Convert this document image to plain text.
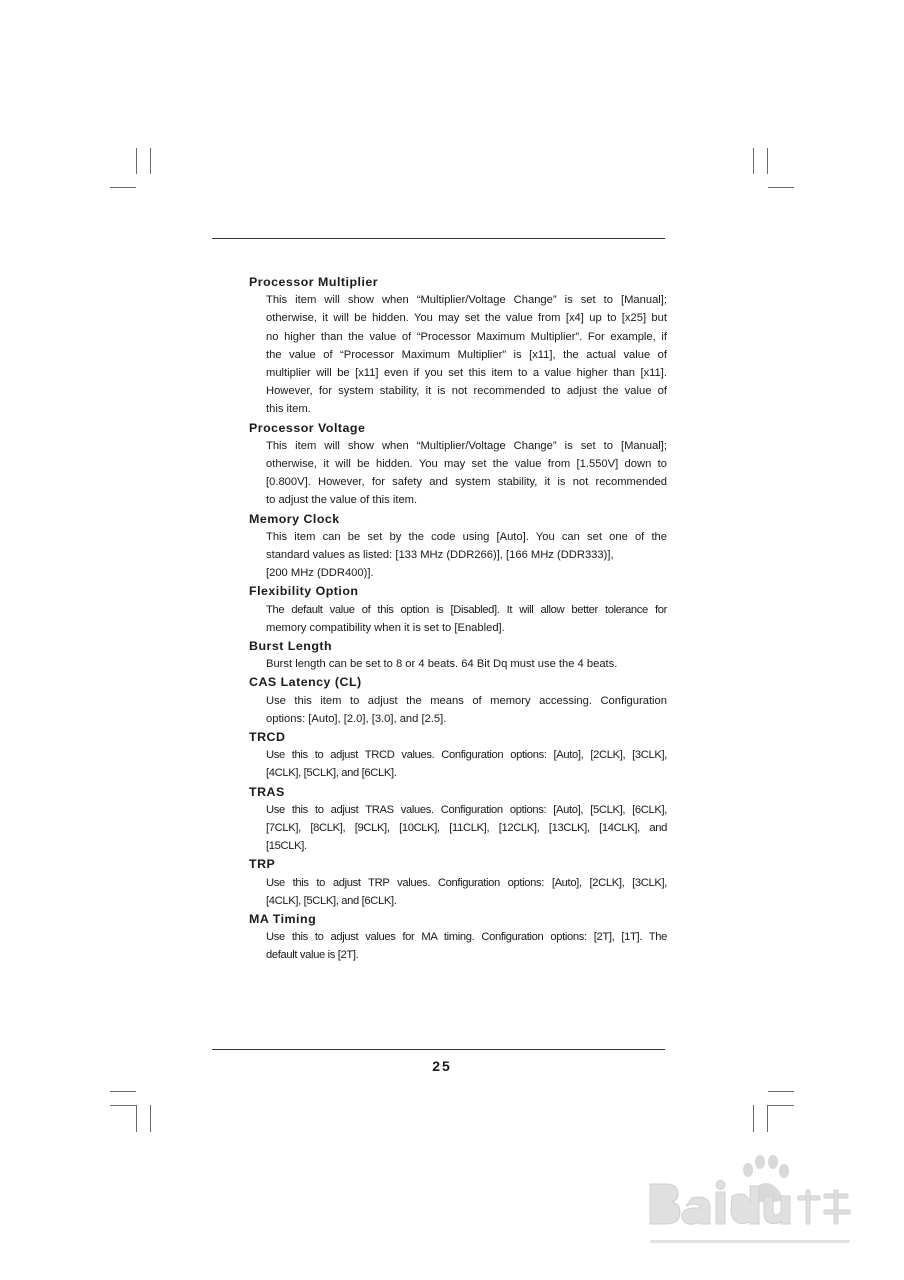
Processor Multiplier
This item will show when “Multiplier/Voltage Change” is set to [Manual];
otherwise, it will be hidden. You may set the value from [x4] up to [x25] but
no higher than the value of “Processor Maximum Multiplier”. For example, if
the value of “Processor Maximum Multiplier” is [x11], the actual value of
multiplier will be [x11] even if you set this item to a value higher than [x11].
However, for system stability, it is not recommended to adjust the value of
this item.
Processor Voltage
This item will show when “Multiplier/Voltage Change” is set to [Manual];
otherwise, it will be hidden. You may set the value from [1.550V] down to
[0.800V]. However, for safety and system stability, it is not recommended
to adjust the value of this item.
Memory Clock
This item can be set by the code using [Auto]. You can set one of the
standard values as listed: [133 MHz (DDR266)], [166 MHz (DDR333)],
[200 MHz (DDR400)].
Flexibility Option
The default value of this option is [Disabled]. It will allow better tolerance for
memory compatibility when it is set to [Enabled].
Burst Length
Burst length can be set to 8 or 4 beats. 64 Bit Dq must use the 4 beats.
CAS Latency (CL)
Use this item to adjust the means of memory accessing. Configuration
options: [Auto], [2.0], [3.0], and [2.5].
TRCD
Use this to adjust TRCD values. Configuration options: [Auto], [2CLK], [3CLK],
[4CLK], [5CLK], and [6CLK].
TRAS
Use this to adjust TRAS values. Configuration options: [Auto], [5CLK], [6CLK],
[7CLK], [8CLK], [9CLK], [10CLK], [11CLK], [12CLK], [13CLK], [14CLK], and
[15CLK].
TRP
Use this to adjust TRP values. Configuration options: [Auto], [2CLK], [3CLK],
[4CLK], [5CLK], and [6CLK].
MA Timing
Use this to adjust values for MA timing. Configuration options: [2T], [1T]. The
default value is [2T].
25
